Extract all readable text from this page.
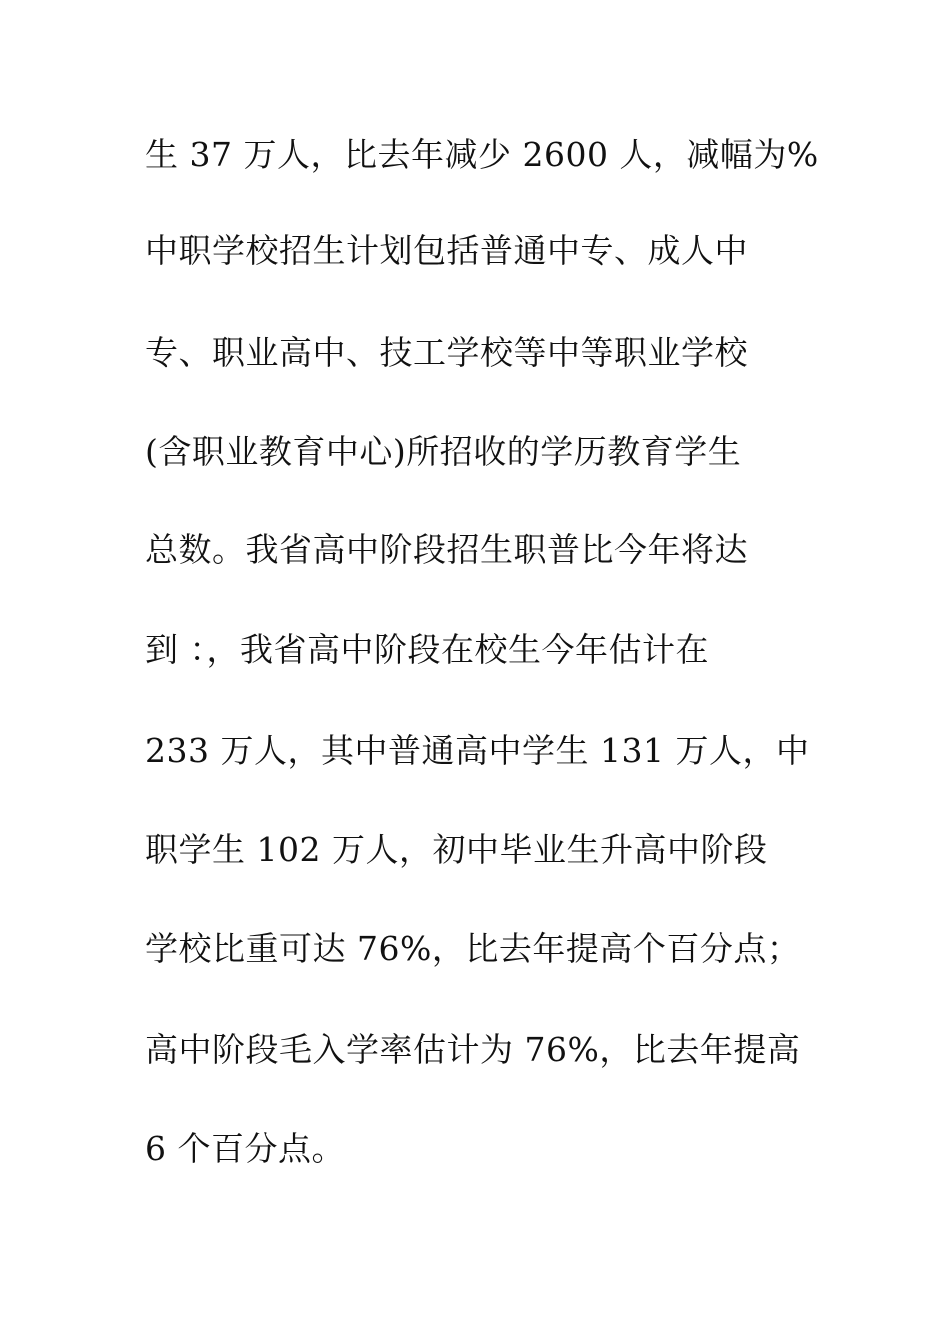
生 37 万人，比去年减少 2600 人，减幅为%
中职学校招生计划包括普通中专、成人中
专、职业高中、技工学校等中等职业学校
(含职业教育中心)所招收的学历教育学生
总数。我省高中阶段招生职普比今年将达
到 ：，我省高中阶段在校生今年估计在
233 万人，其中普通高中学生 131 万人，中
职学生 102 万人，初中毕业生升高中阶段
学校比重可达 76%，比去年提高个百分点；
高中阶段毛入学率估计为 76%，比去年提高
6 个百分点。
